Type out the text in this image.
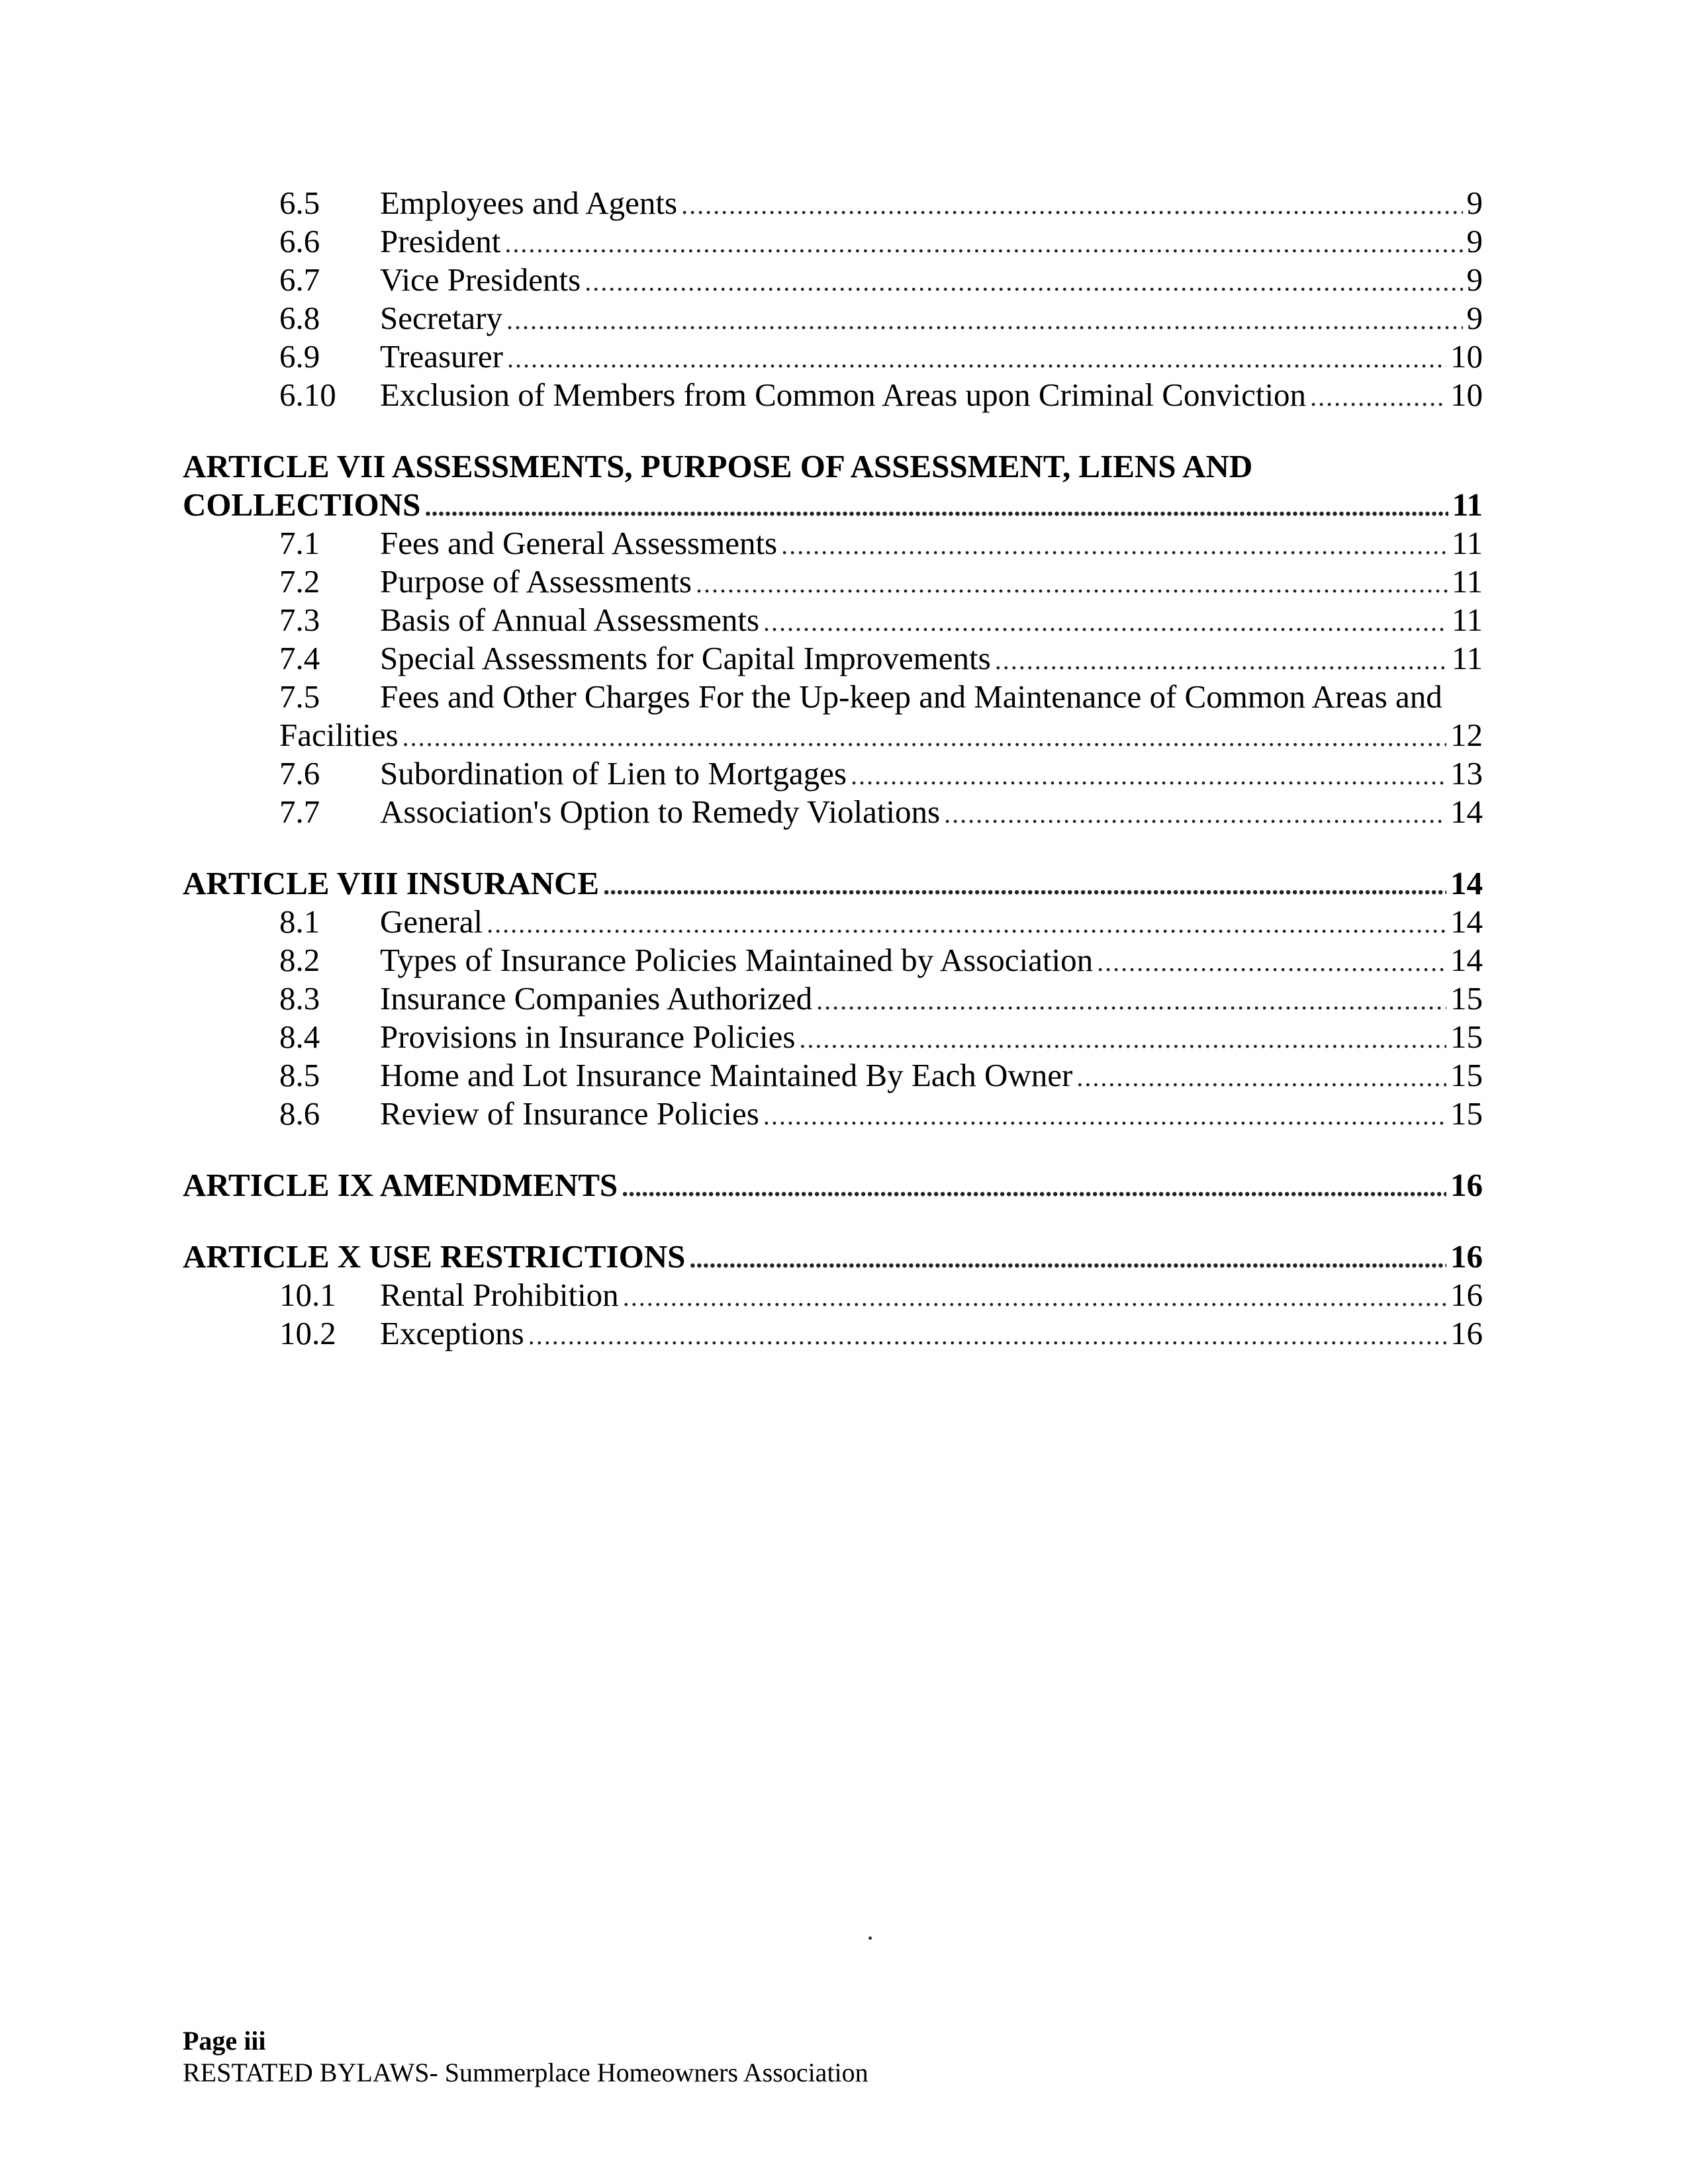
6.5	Employees and Agents .....	9
6.6	President .....	9
6.7	Vice Presidents .....	9
6.8	Secretary .....	9
6.9	Treasurer .....	10
6.10	Exclusion of Members from Common Areas upon Criminal Conviction .....	10
ARTICLE VII ASSESSMENTS, PURPOSE OF ASSESSMENT, LIENS AND
COLLECTIONS .....	11
7.1	Fees and General Assessments .....	11
7.2	Purpose of Assessments .....	11
7.3	Basis of Annual Assessments .....	11
7.4	Special Assessments for Capital Improvements .....	11
7.5	Fees and Other Charges For the Up-keep and Maintenance of Common Areas and
Facilities .....	12
7.6	Subordination of Lien to Mortgages .....	13
7.7	Association's Option to Remedy Violations .....	14
ARTICLE VIII INSURANCE .....	14
8.1	General .....	14
8.2	Types of Insurance Policies Maintained by Association .....	14
8.3	Insurance Companies Authorized .....	15
8.4	Provisions in Insurance Policies .....	15
8.5	Home and Lot Insurance Maintained By Each Owner .....	15
8.6	Review of Insurance Policies .....	15
ARTICLE IX AMENDMENTS .....	16
ARTICLE X USE RESTRICTIONS .....	16
10.1	Rental Prohibition .....	16
10.2	Exceptions .....	16
Page iii
RESTATED BYLAWS- Summerplace Homeowners Association
